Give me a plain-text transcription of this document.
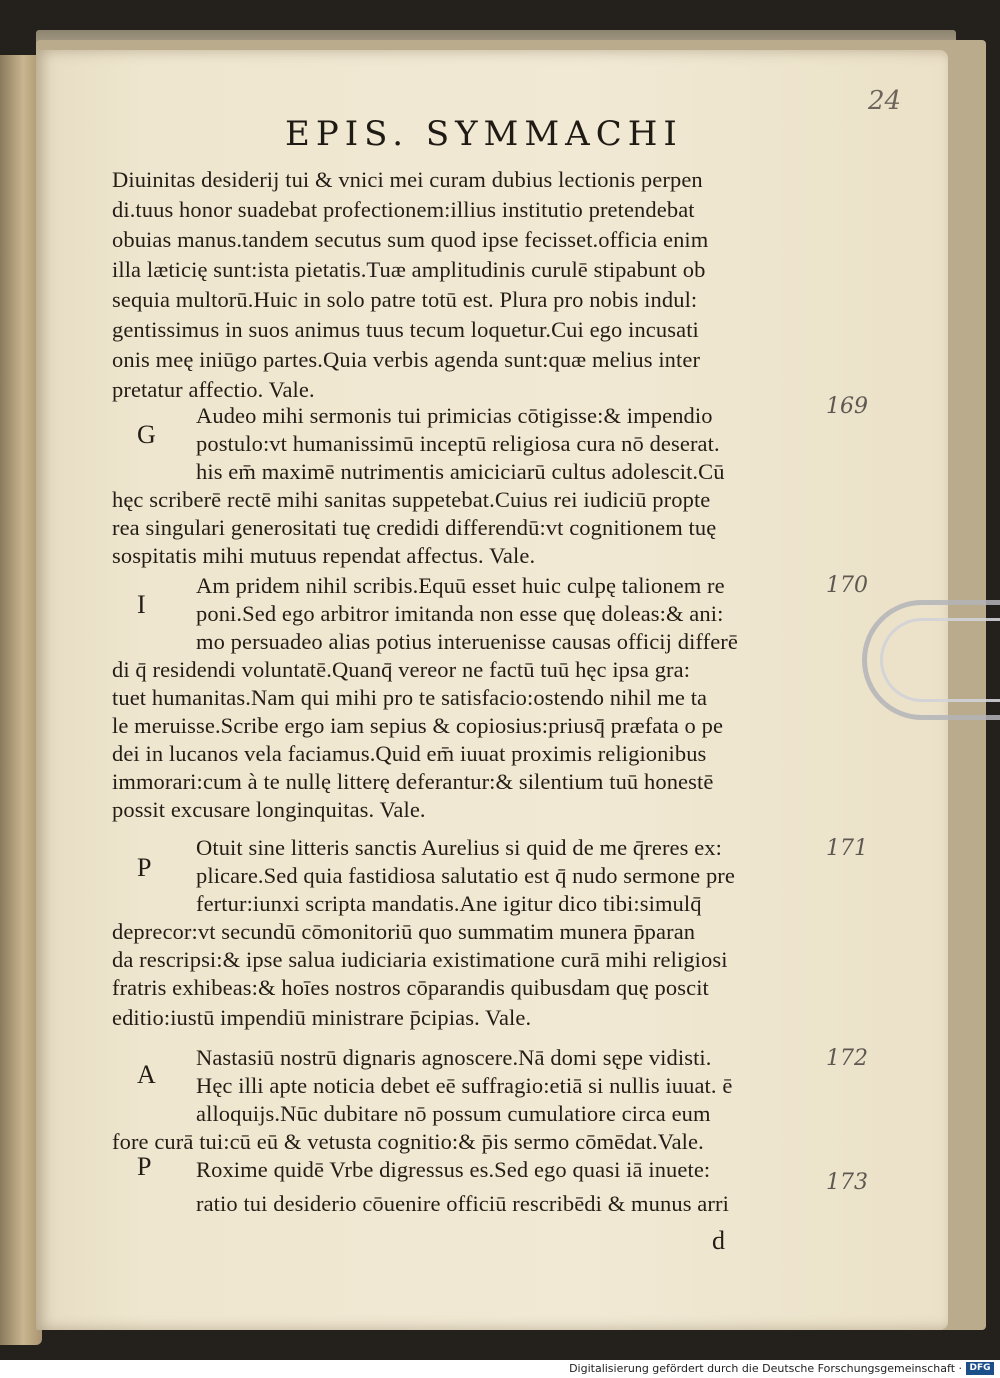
EPIS. SYMMACHI
24
Diuinitas desiderij tui & vnici mei curam dubius lectionis perpen
di.tuus honor suadebat profectionem:illius institutio pretendebat
obuias manus.tandem secutus sum quod ipse fecisset.officia enim
illa læticię sunt:ista pietatis.Tuæ amplitudinis curulē stipabunt ob
sequia multorū.Huic in solo patre totū est. Plura pro nobis indul:
gentissimus in suos animus tuus tecum loquetur.Cui ego incusati
onis meę iniūgo partes.Quia verbis agenda sunt:quæ melius inter
pretatur affectio. Vale.
Audeo mihi sermonis tui primicias cōtigisse:& impendio
postulo:vt humanissimū inceptū religiosa cura nō deserat.
his em̄ maximē nutrimentis amiciciarū cultus adolescit.Cū
hęc scriberē rectē mihi sanitas suppetebat.Cuius rei iudiciū propte
rea singulari generositati tuę credidi differendū:vt cognitionem tuę
sospitatis mihi mutuus rependat affectus. Vale.
Am pridem nihil scribis.Equū esset huic culpę talionem re
poni.Sed ego arbitror imitanda non esse quę doleas:& ani:
mo persuadeo alias potius interuenisse causas officij differē
di q̄ residendi voluntatē.Quanq̄ vereor ne factū tuū hęc ipsa gra:
tuet humanitas.Nam qui mihi pro te satisfacio:ostendo nihil me ta
le meruisse.Scribe ergo iam sepius & copiosius:priusq̄ præfata o pe
dei in lucanos vela faciamus.Quid em̄ iuuat proximis religionibus
immorari:cum à te nullę litterę deferantur:& silentium tuū honestē
possit excusare longinquitas. Vale.
Otuit sine litteris sanctis Aurelius si quid de me q̄reres ex:
plicare.Sed quia fastidiosa salutatio est q̄ nudo sermone pre
fertur:iunxi scripta mandatis.Ane igitur dico tibi:simulq̄
deprecor:vt secundū cōmonitoriū quo summatim munera p̄paran
da rescripsi:& ipse salua iudiciaria existimatione curā mihi religiosi
fratris exhibeas:& hoīes nostros cōparandis quibusdam quę poscit
editio:iustū impendiū ministrare p̄cipias. Vale.
Nastasiū nostrū dignaris agnoscere.Nā domi sępe vidisti.
Hęc illi apte noticia debet eē suffragio:etiā si nullis iuuat. ē
alloquijs.Nūc dubitare nō possum cumulatiore circa eum
fore curā tui:cū eū & vetusta cognitio:& p̄is sermo cōmēdat.Vale.
Roxime quidē Vrbe digressus es.Sed ego quasi iā inuete:
ratio tui desiderio cōuenire officiū rescribēdi & munus arri
G
I
P
A
P
169
170
171
172
173
d
Digitalisierung gefördert durch die Deutsche Forschungsgemeinschaft · DFG
